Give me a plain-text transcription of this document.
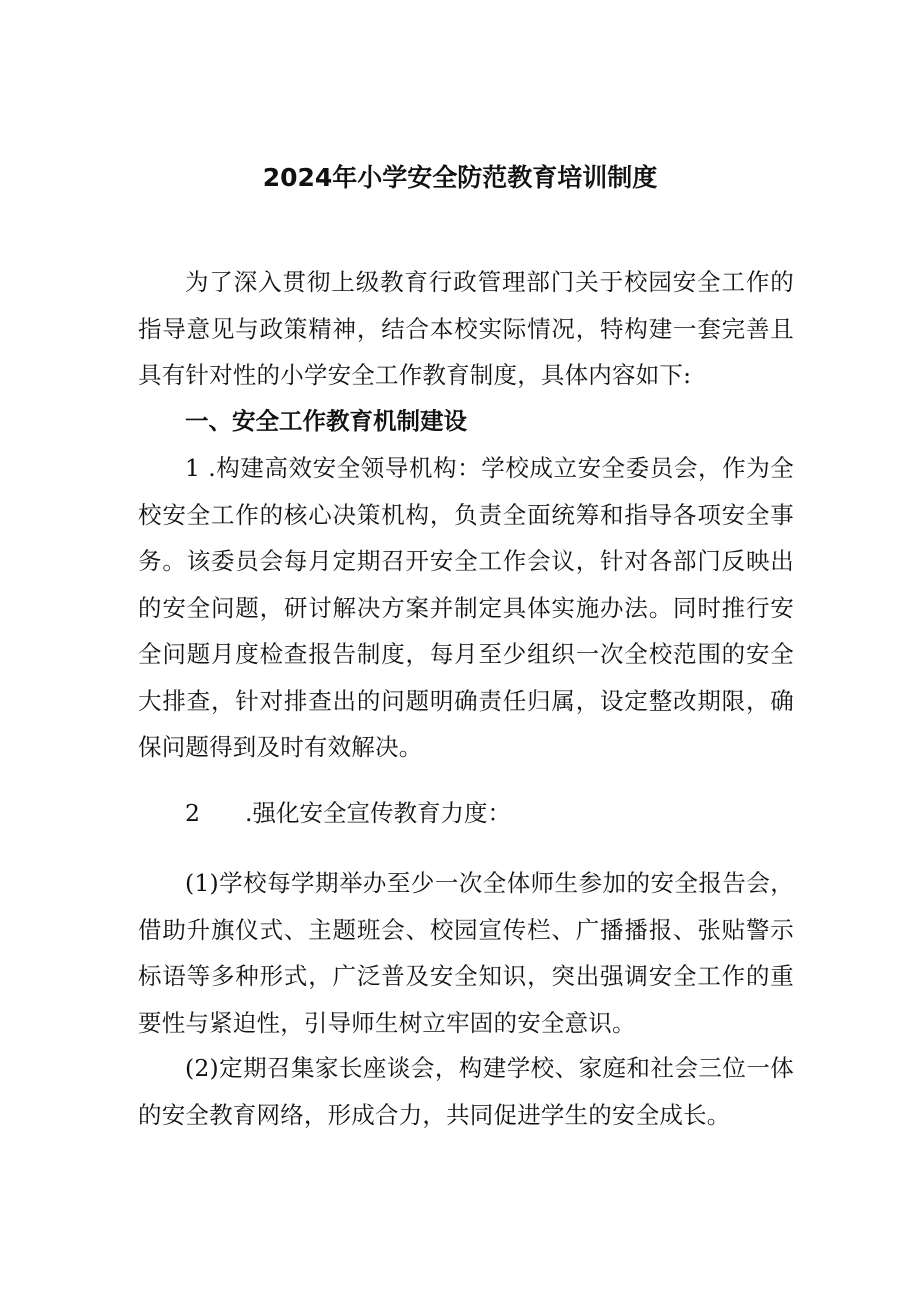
2024年小学安全防范教育培训制度

为了深入贯彻上级教育行政管理部门关于校园安全工作的指导意见与政策精神，结合本校实际情况，特构建一套完善且具有针对性的小学安全工作教育制度，具体内容如下:

一、安全工作教育机制建设

1 .构建高效安全领导机构：学校成立安全委员会，作为全校安全工作的核心决策机构，负责全面统筹和指导各项安全事务。该委员会每月定期召开安全工作会议，针对各部门反映出的安全问题，研讨解决方案并制定具体实施办法。同时推行安全问题月度检查报告制度，每月至少组织一次全校范围的安全大排查，针对排查出的问题明确责任归属，设定整改期限，确保问题得到及时有效解决。

2 .强化安全宣传教育力度：

(1)学校每学期举办至少一次全体师生参加的安全报告会，借助升旗仪式、主题班会、校园宣传栏、广播播报、张贴警示标语等多种形式，广泛普及安全知识，突出强调安全工作的重要性与紧迫性，引导师生树立牢固的安全意识。

(2)定期召集家长座谈会，构建学校、家庭和社会三位一体的安全教育网络，形成合力，共同促进学生的安全成长。
